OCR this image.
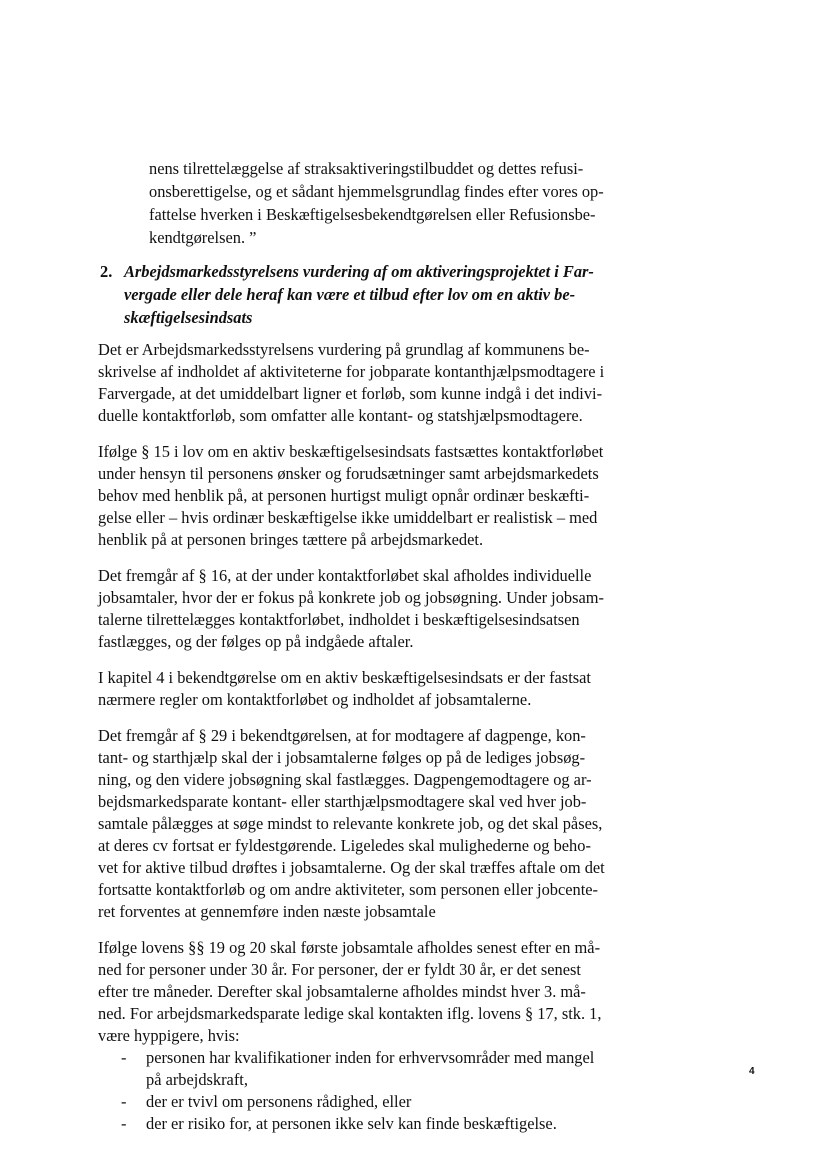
nens tilrettelæggelse af straksaktiveringstilbuddet og dettes refusi-

onsberettigelse, og et sådant hjemmelsgrundlag findes efter vores op-

fattelse hverken i Beskæftigelsesbekendtgørelsen eller Refusionsbe-

kendtgørelsen. ”

2. Arbejdsmarkedsstyrelsens vurdering af om aktiveringsprojektet i Far-

vergade eller dele heraf kan være et tilbud efter lov om en aktiv be-

skæftigelsesindsats

Det er Arbejdsmarkedsstyrelsens vurdering på grundlag af kommunens be-

skrivelse af indholdet af aktiviteterne for jobparate kontanthjælpsmodtagere i

Farvergade, at det umiddelbart ligner et forløb, som kunne indgå i det indivi-

duelle kontaktforløb, som omfatter alle kontant- og statshjælpsmodtagere.

Ifølge § 15 i lov om en aktiv beskæftigelsesindsats fastsættes kontaktforløbet

under hensyn til personens ønsker og forudsætninger samt arbejdsmarkedets

behov med henblik på, at personen hurtigst muligt opnår ordinær beskæfti-

gelse eller – hvis ordinær beskæftigelse ikke umiddelbart er realistisk – med

henblik på at personen bringes tættere på arbejdsmarkedet.

Det fremgår af § 16, at der under kontaktforløbet skal afholdes individuelle

jobsamtaler, hvor der er fokus på konkrete job og jobsøgning. Under jobsam-

talerne tilrettelægges kontaktforløbet, indholdet i beskæftigelsesindsatsen

fastlægges, og der følges op på indgåede aftaler.

I kapitel 4 i bekendtgørelse om en aktiv beskæftigelsesindsats er der fastsat

nærmere regler om kontaktforløbet og indholdet af jobsamtalerne.

Det fremgår af § 29 i bekendtgørelsen, at for modtagere af dagpenge, kon-

tant- og starthjælp skal der i jobsamtalerne følges op på de lediges jobsøg-

ning, og den videre jobsøgning skal fastlægges. Dagpengemodtagere og ar-

bejdsmarkedsparate kontant- eller starthjælpsmodtagere skal ved hver job-

samtale pålægges at søge mindst to relevante konkrete job, og det skal påses,

at deres cv fortsat er fyldestgørende. Ligeledes skal mulighederne og beho-

vet for aktive tilbud drøftes i jobsamtalerne. Og der skal træffes aftale om det

fortsatte kontaktforløb og om andre aktiviteter, som personen eller jobcente-

ret forventes at gennemføre inden næste jobsamtale

Ifølge lovens §§ 19 og 20 skal første jobsamtale afholdes senest efter en må-

ned for personer under 30 år. For personer, der er fyldt 30 år, er det senest

efter tre måneder. Derefter skal jobsamtalerne afholdes mindst hver 3. må-

ned. For arbejdsmarkedsparate ledige skal kontakten iflg. lovens § 17, stk. 1,

være hyppigere, hvis:

- personen har kvalifikationer inden for erhvervsområder med mangel

på arbejdskraft,

- der er tvivl om personens rådighed, eller

- der er risiko for, at personen ikke selv kan finde beskæftigelse.

4
